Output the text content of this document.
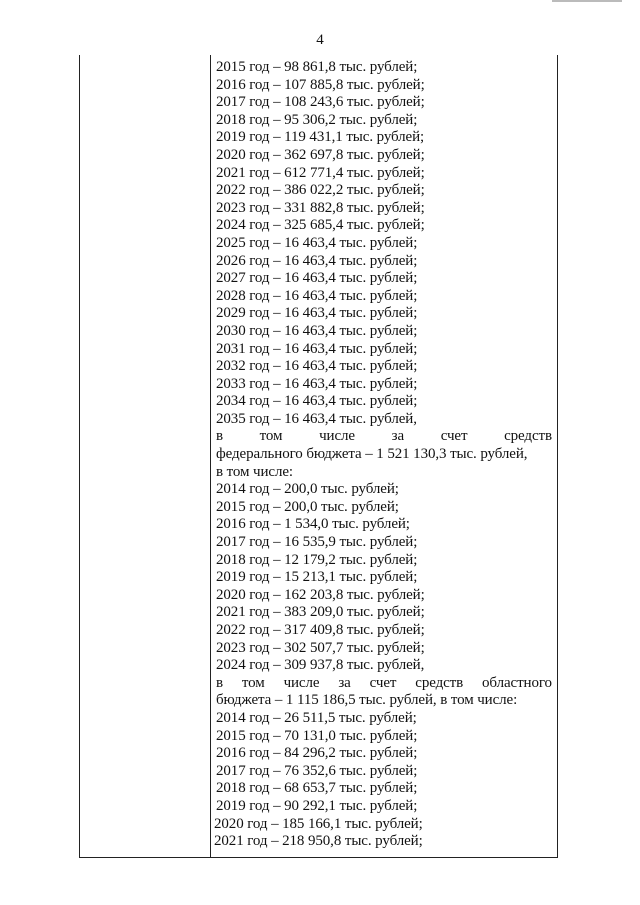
4
2015 год – 98 861,8 тыс. рублей;
2016 год – 107 885,8 тыс. рублей;
2017 год – 108 243,6 тыс. рублей;
2018 год – 95 306,2 тыс. рублей;
2019 год – 119 431,1 тыс. рублей;
2020 год – 362 697,8 тыс. рублей;
2021 год – 612 771,4 тыс. рублей;
2022 год – 386 022,2 тыс. рублей;
2023 год – 331 882,8 тыс. рублей;
2024 год – 325 685,4 тыс. рублей;
2025 год – 16 463,4 тыс. рублей;
2026 год – 16 463,4 тыс. рублей;
2027 год – 16 463,4 тыс. рублей;
2028 год – 16 463,4 тыс. рублей;
2029 год – 16 463,4 тыс. рублей;
2030 год – 16 463,4 тыс. рублей;
2031 год – 16 463,4 тыс. рублей;
2032 год – 16 463,4 тыс. рублей;
2033 год – 16 463,4 тыс. рублей;
2034 год – 16 463,4 тыс. рублей;
2035 год – 16 463,4 тыс. рублей,
в том числе за счет средств
федерального бюджета – 1 521 130,3 тыс. рублей,
в том числе:
2014 год – 200,0 тыс. рублей;
2015 год – 200,0 тыс. рублей;
2016 год – 1 534,0 тыс. рублей;
2017 год – 16 535,9 тыс. рублей;
2018 год – 12 179,2 тыс. рублей;
2019 год – 15 213,1 тыс. рублей;
2020 год – 162 203,8 тыс. рублей;
2021 год – 383 209,0 тыс. рублей;
2022 год – 317 409,8 тыс. рублей;
2023 год – 302 507,7 тыс. рублей;
2024 год – 309 937,8 тыс. рублей,
в том числе за счет средств областного
бюджета – 1 115 186,5 тыс. рублей, в том числе:
2014 год – 26 511,5 тыс. рублей;
2015 год – 70 131,0 тыс. рублей;
2016 год – 84 296,2 тыс. рублей;
2017 год – 76 352,6 тыс. рублей;
2018 год – 68 653,7 тыс. рублей;
2019 год – 90 292,1 тыс. рублей;
2020 год – 185 166,1 тыс. рублей;
2021 год – 218 950,8 тыс. рублей;
